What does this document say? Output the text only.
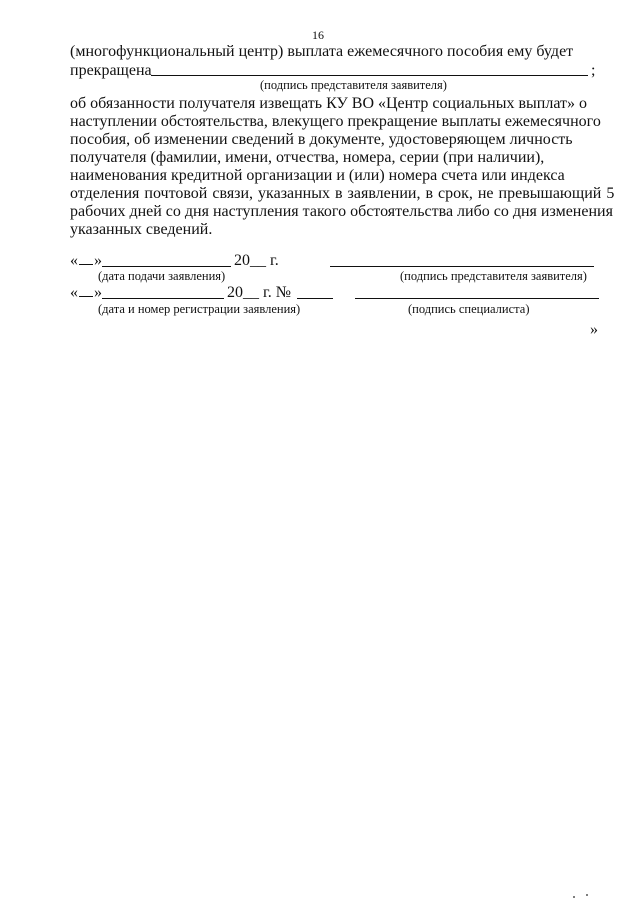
16
(многофункциональный центр) выплата ежемесячного пособия ему будет
прекращена	;
(подпись представителя заявителя)
об обязанности получателя извещать КУ ВО «Центр социальных выплат» о
наступлении обстоятельства, влекущего прекращение выплаты ежемесячного
пособия, об изменении сведений в документе, удостоверяющем личность
получателя (фамилии, имени, отчества, номера, серии (при наличии),
наименования кредитной организации и (или) номера счета или индекса
отделения почтовой связи, указанных в заявлении, в срок, не превышающий 5
рабочих дней со дня наступления такого обстоятельства либо со дня изменения
указанных сведений.
« »	20__ г.
(дата подачи заявления)	(подпись представителя заявителя)
« »	20__ г. №
(дата и номер регистрации заявления)	(подпись специалиста)
»
